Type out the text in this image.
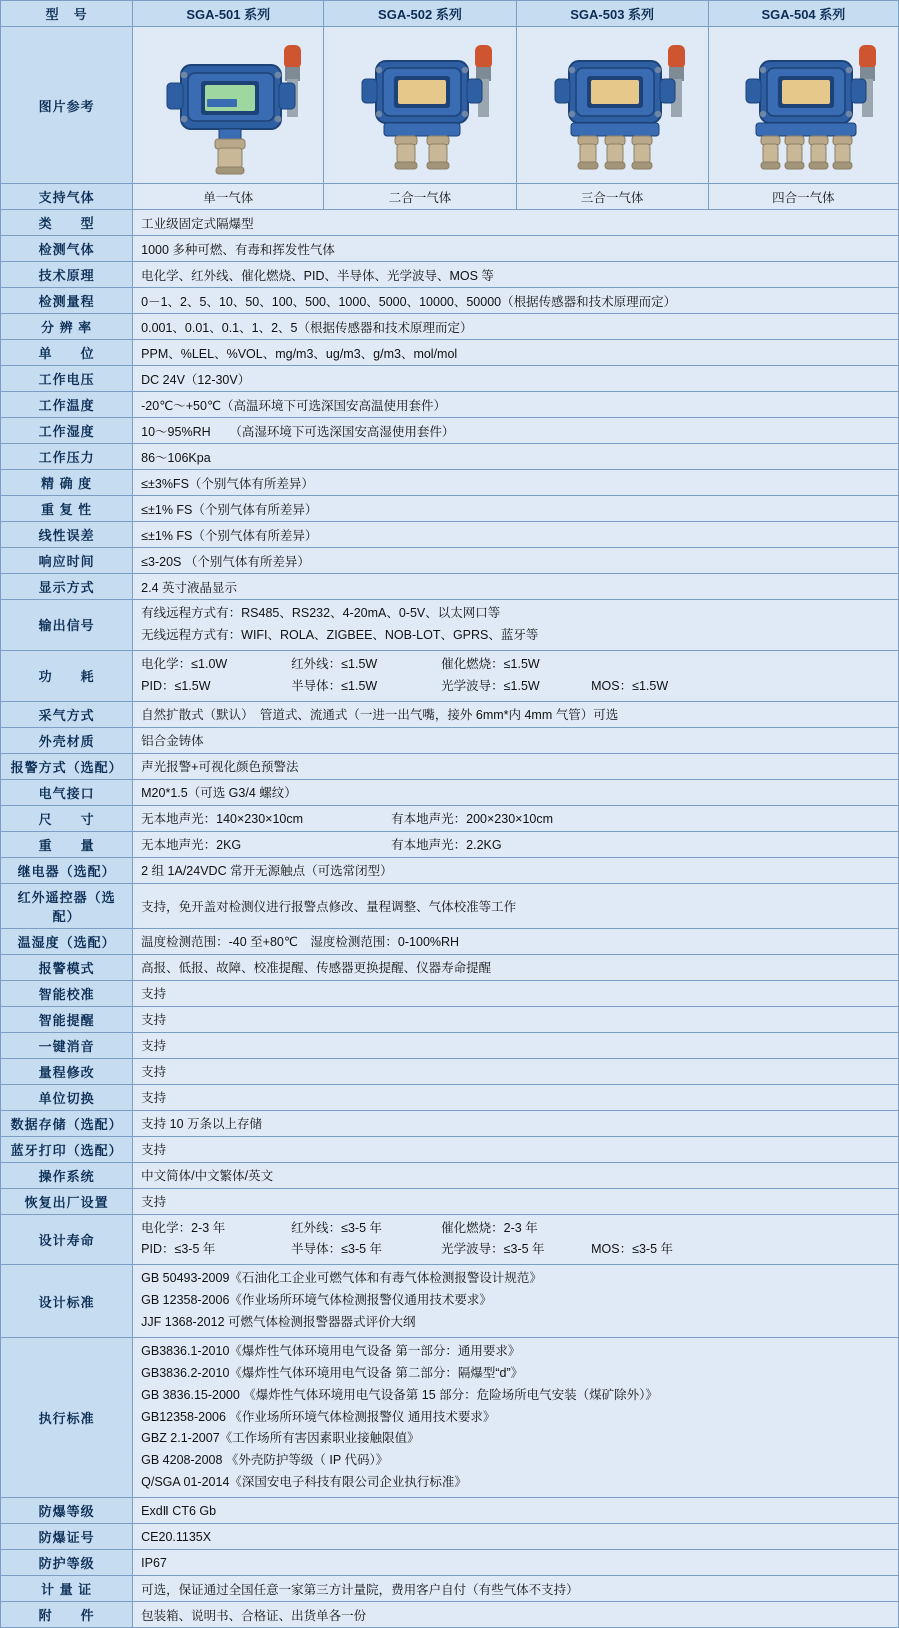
型　号	SGA-501 系列	SGA-502 系列	SGA-503 系列	SGA-504 系列
图片参考	

支持气体	单一气体	二合一气体	三合一气体	四合一气体
类　　型	工业级固定式隔爆型			
检测气体	1000 多种可燃、有毒和挥发性气体			
技术原理	电化学、红外线、催化燃烧、PID、半导体、光学波导、MOS 等			
检测量程	0－1、2、5、10、50、100、500、1000、5000、10000、50000（根据传感器和技术原理而定）			
分 辨 率	0.001、0.01、0.1、1、2、5（根据传感器和技术原理而定）			
单　　位	PPM、%LEL、%VOL、mg/m3、ug/m3、g/m3、mol/mol			
工作电压	DC 24V（12-30V）			
工作温度	-20℃～+50℃（高温环境下可选深国安高温使用套件）			
工作湿度	10～95%RH　　（高湿环境下可选深国安高湿使用套件）			
工作压力	86～106Kpa			
精 确 度	≤±3%FS（个别气体有所差异）			
重 复 性	≤±1% FS（个别气体有所差异）			
线性误差	≤±1% FS（个别气体有所差异）			
响应时间	≤3-20S （个别气体有所差异）			
显示方式	2.4 英寸液晶显示			
输出信号	有线远程方式有：RS485、RS232、4-20mA、0-5V、以太网口等
无线远程方式有：WIFI、ROLA、ZIGBEE、NOB-LOT、GPRS、蓝牙等			

功　　耗	电化学：≤1.0W 红外线：≤1.5W 催化燃烧：≤1.5W
PID：≤1.5W 半导体：≤1.5W 光学波导：≤1.5W MOS：≤1.5W			

采气方式	自然扩散式（默认）　管道式、流通式（一进一出气嘴，接外 6mm*内 4mm 气管）可选			
外壳材质	铝合金铸体			
报警方式（选配）	声光报警+可视化颜色预警法			
电气接口	M20*1.5（可选 G3/4 螺纹）			
尺　　寸	无本地声光：140×230×10cm 有本地声光：200×230×10cm			
重　　量	无本地声光：2KG 有本地声光：2.2KG			
继电器（选配）	2 组 1A/24VDC 常开无源触点（可选常闭型）			
红外遥控器（选配）	支持，免开盖对检测仪进行报警点修改、量程调整、气体校准等工作			
温湿度（选配）	温度检测范围：-40 至+80℃　湿度检测范围：0-100%RH			
报警模式	高报、低报、故障、校准提醒、传感器更换提醒、仪器寿命提醒			
智能校准	支持			
智能提醒	支持			
一键消音	支持			
量程修改	支持			
单位切换	支持			
数据存储（选配）	支持 10 万条以上存储			
蓝牙打印（选配）	支持			
操作系统	中文简体/中文繁体/英文			
恢复出厂设置	支持			
设计寿命	电化学：2-3 年 红外线：≤3-5 年 催化燃烧：2-3 年
PID：≤3-5 年 半导体：≤3-5 年 光学波导：≤3-5 年 MOS：≤3-5 年			

设计标准	GB 50493-2009《石油化工企业可燃气体和有毒气体检测报警设计规范》
GB 12358-2006《作业场所环境气体检测报警仪通用技术要求》
JJF 1368-2012 可燃气体检测报警器器式评价大纲			

执行标准	
GB3836.1-2010《爆炸性气体环境用电气设备 第一部分：通用要求》
GB3836.2-2010《爆炸性气体环境用电气设备 第二部分：隔爆型“d”》
GB 3836.15-2000 《爆炸性气体环境用电气设备第 15 部分：危险场所电气安装（煤矿除外）》
GB12358-2006 《作业场所环境气体检测报警仪 通用技术要求》
GBZ 2.1-2007《工作场所有害因素职业接触限值》
GB 4208-2008 《外壳防护等级（ IP 代码）》
Q/SGA 01-2014《深国安电子科技有限公司企业执行标准》

防爆等级	ExdⅡ CT6 Gb			
防爆证号	CE20.1135X			
防护等级	IP67			
计 量 证	可选，保证通过全国任意一家第三方计量院，费用客户自付（有些气体不支持）			
附　　件	包装箱、说明书、合格证、出货单各一份			
